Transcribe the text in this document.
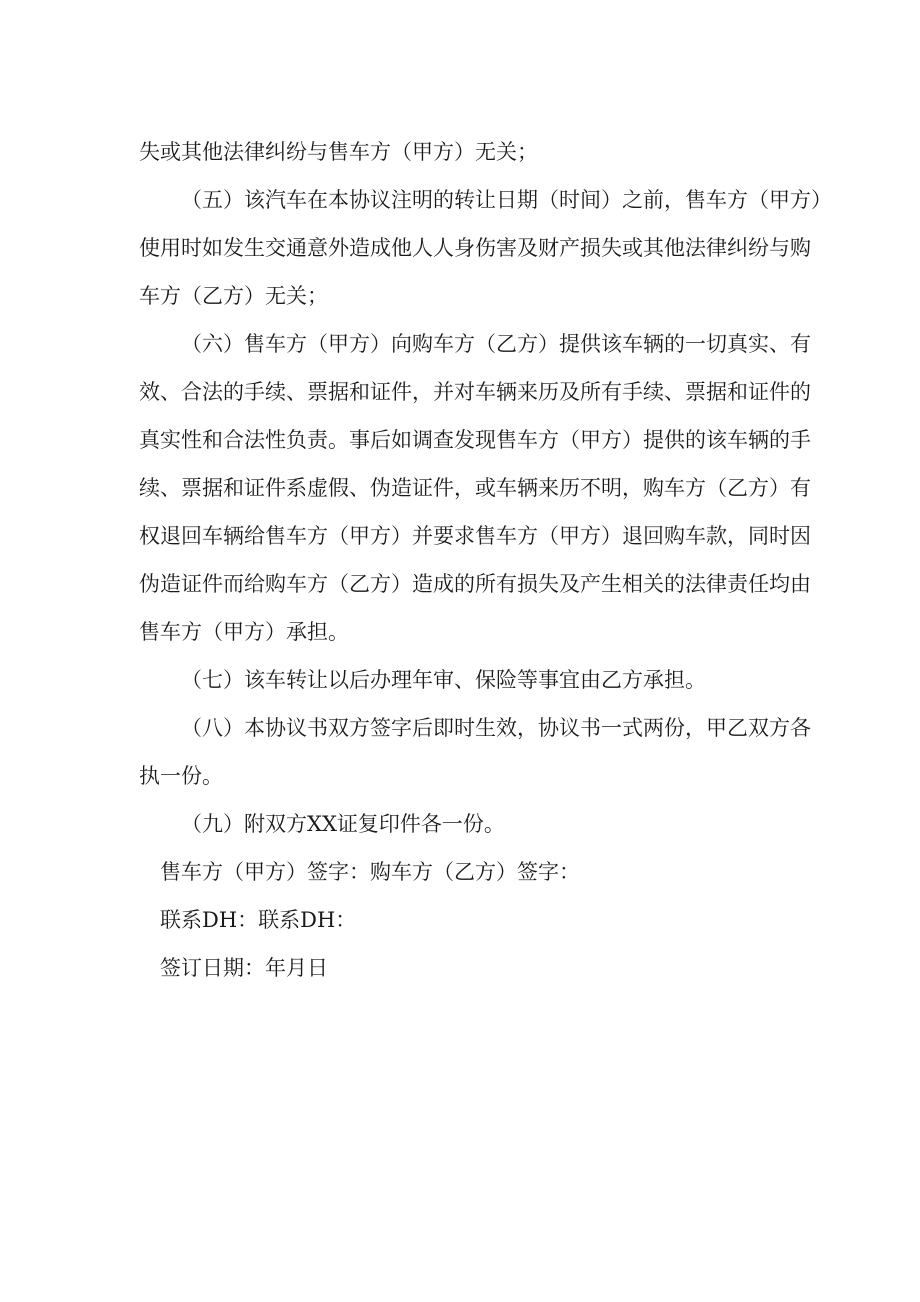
失或其他法律纠纷与售车方（甲方）无关；
（五）该汽车在本协议注明的转让日期（时间）之前，售车方（甲方）
使用时如发生交通意外造成他人人身伤害及财产损失或其他法律纠纷与购
车方（乙方）无关；
（六）售车方（甲方）向购车方（乙方）提供该车辆的一切真实、有
效、合法的手续、票据和证件，并对车辆来历及所有手续、票据和证件的
真实性和合法性负责。事后如调查发现售车方（甲方）提供的该车辆的手
续、票据和证件系虚假、伪造证件，或车辆来历不明，购车方（乙方）有
权退回车辆给售车方（甲方）并要求售车方（甲方）退回购车款，同时因
伪造证件而给购车方（乙方）造成的所有损失及产生相关的法律责任均由
售车方（甲方）承担。
（七）该车转让以后办理年审、保险等事宜由乙方承担。
（八）本协议书双方签字后即时生效，协议书一式两份，甲乙双方各
执一份。
（九）附双方XX证复印件各一份。
售车方（甲方）签字：购车方（乙方）签字：
联系DH：联系DH：
签订日期：年月日
